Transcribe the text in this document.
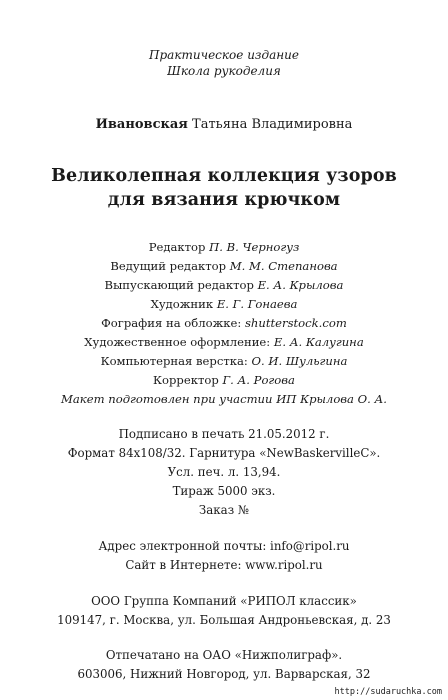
Практическое издание
Школа рукоделия
Ивановская Татьяна Владимировна
Великолепная коллекция узоров
для вязания крючком
Редактор П. В. Черногуз
Ведущий редактор М. М. Степанова
Выпускающий редактор Е. А. Крылова
Художник Е. Г. Гонаева
Фография на обложке: shutterstock.com
Художественное оформление: Е. А. Калугина
Компьютерная верстка: О. И. Шульгина
Корректор Г. А. Рогова
Макет подготовлен при участии ИП Крылова О. А.
Подписано в печать 21.05.2012 г.
Формат 84x108/32. Гарнитура «NewBaskervilleC».
Усл. печ. л. 13,94.
Тираж 5000 экз.
Заказ №
Адрес электронной почты: info@ripol.ru
Сайт в Интернете: www.ripol.ru
ООО Группа Компаний «РИПОЛ классик»
109147, г. Москва, ул. Большая Андроньевская, д. 23
Отпечатано на ОАО «Нижполиграф».
603006, Нижний Новгород, ул. Варварская, 32
http://sudaruchka.com
